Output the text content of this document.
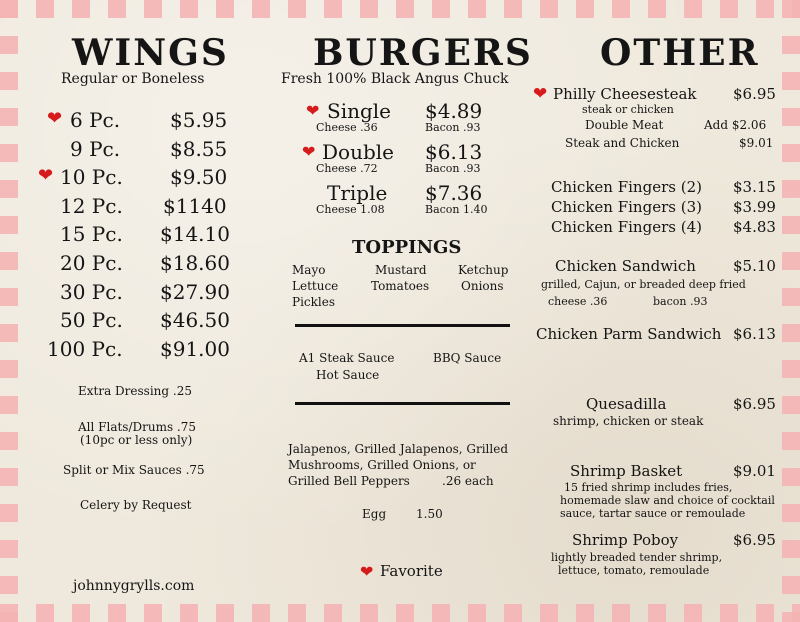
WINGS
Regular or Boneless
❤
❤
6 Pc. $5.95
9 Pc. $8.55
10 Pc. $9.50
12 Pc. $1140
15 Pc. $14.10
20 Pc. $18.60
30 Pc. $27.90
50 Pc. $46.50
100 Pc. $91.00
Extra Dressing .25
All Flats/Drums .75
(10pc or less only)
Split or Mix Sauces .75
Celery by Request
johnnygrylls.com
BURGERS
Fresh 100% Black Angus Chuck
❤ Single $4.89
Cheese .36	Bacon .93
❤ Double $6.13
Cheese .72	Bacon .93
Triple $7.36
Cheese 1.08	Bacon 1.40
TOPPINGS
Mayo	Mustard	Ketchup
Lettuce	Tomatoes	Onions
Pickles
A1 Steak Sauce	BBQ Sauce
Hot Sauce
Jalapenos, Grilled Jalapenos, Grilled
Mushrooms, Grilled Onions, or
Grilled Bell Peppers	.26 each
Egg 1.50
❤ Favorite
OTHER
❤ Philly Cheesesteak $6.95
steak or chicken
Double Meat	Add $2.06
Steak and Chicken	$9.01
Chicken Fingers (2) $3.15
Chicken Fingers (3) $3.99
Chicken Fingers (4) $4.83
Chicken Sandwich $5.10
grilled, Cajun, or breaded deep fried
cheese .36	bacon .93
Chicken Parm Sandwich $6.13
Quesadilla	$6.95
shrimp, chicken or steak
Shrimp Basket	$9.01
15 fried shrimp includes fries,
homemade slaw and choice of cocktail
sauce, tartar sauce or remoulade
Shrimp Poboy	$6.95
lightly breaded tender shrimp,
lettuce, tomato, remoulade
